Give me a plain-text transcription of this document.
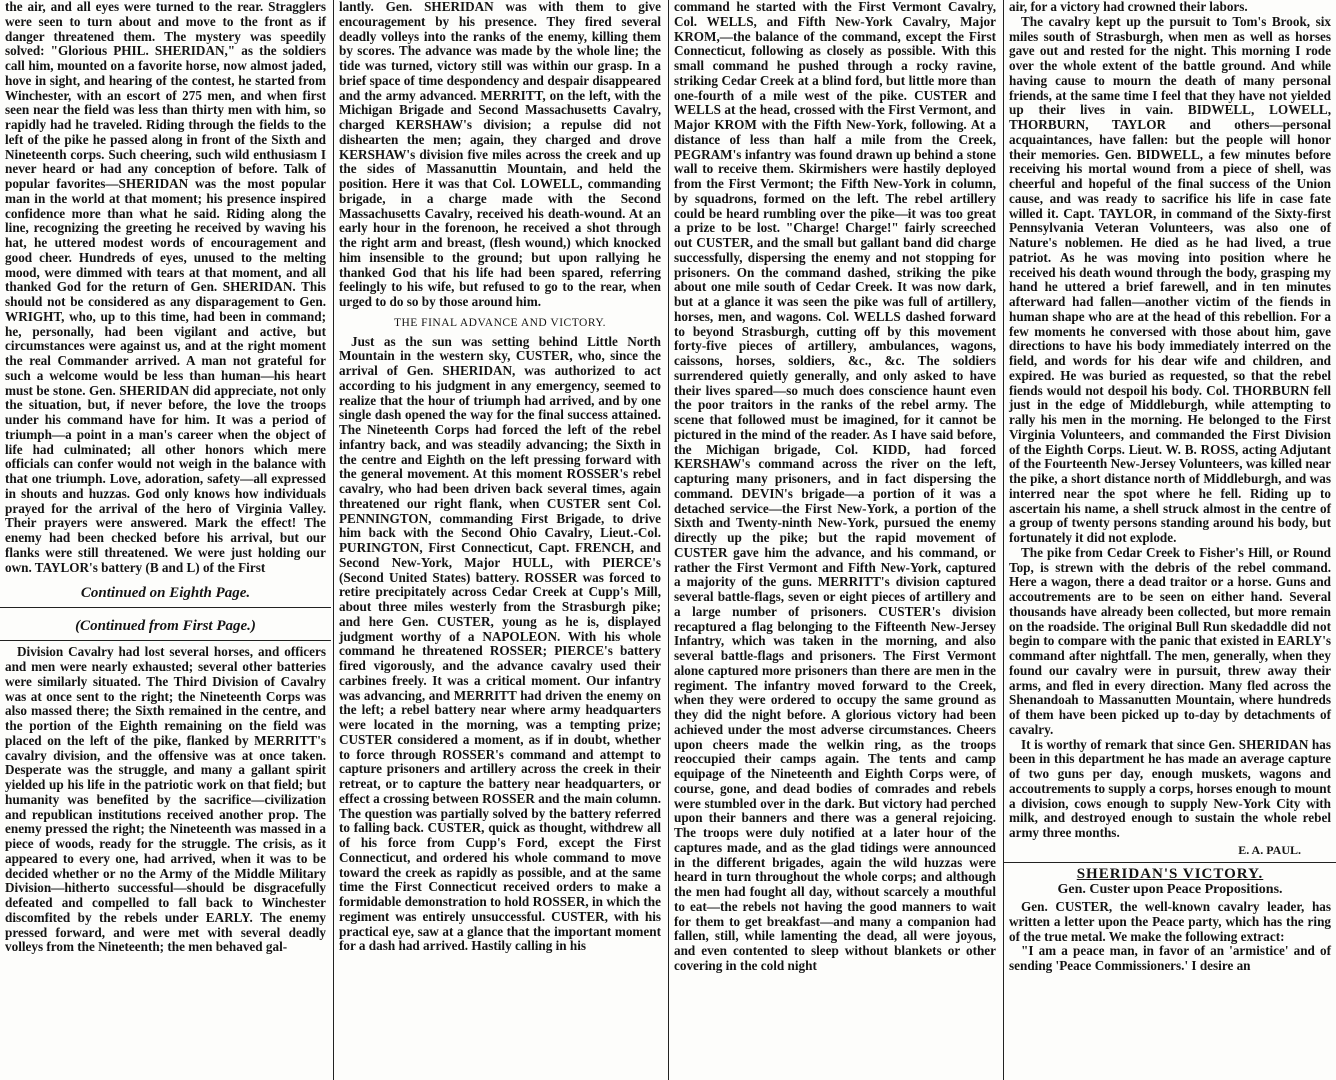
the air, and all eyes were turned to the rear. Stragglers were seen to turn about and move to the front as if danger threatened them. The mystery was speedily solved: "Glorious PHIL. SHERIDAN," as the soldiers call him, mounted on a favorite horse, now almost jaded, hove in sight, and hearing of the contest, he started from Winchester, with an escort of 275 men, and when first seen near the field was less than thirty men with him, so rapidly had he traveled. Riding through the fields to the left of the pike he passed along in front of the Sixth and Nineteenth corps. Such cheering, such wild enthusiasm I never heard or had any conception of before. Talk of popular favorites—SHERIDAN was the most popular man in the world at that moment; his presence inspired confidence more than what he said. Riding along the line, recognizing the greeting he received by waving his hat, he uttered modest words of encouragement and good cheer. Hundreds of eyes, unused to the melting mood, were dimmed with tears at that moment, and all thanked God for the return of Gen. SHERIDAN. This should not be considered as any disparagement to Gen. WRIGHT, who, up to this time, had been in command; he, personally, had been vigilant and active, but circumstances were against us, and at the right moment the real Commander arrived. A man not grateful for such a welcome would be less than human—his heart must be stone. Gen. SHERIDAN did appreciate, not only the situation, but, if never before, the love the troops under his command have for him. It was a period of triumph—a point in a man's career when the object of life had culminated; all other honors which mere officials can confer would not weigh in the balance with that one triumph. Love, adoration, safety—all expressed in shouts and huzzas. God only knows how individuals prayed for the arrival of the hero of Virginia Valley. Their prayers were answered. Mark the effect! The enemy had been checked before his arrival, but our flanks were still threatened. We were just holding our own. TAYLOR's battery (B and L) of the First

Continued on Eighth Page.
(Continued from First Page.)

Division Cavalry had lost several horses, and officers and men were nearly exhausted; several other batteries were similarly situated. The Third Division of Cavalry was at once sent to the right; the Nineteenth Corps was also massed there; the Sixth remained in the centre, and the portion of the Eighth remaining on the field was placed on the left of the pike, flanked by MERRITT's cavalry division, and the offensive was at once taken. Desperate was the struggle, and many a gallant spirit yielded up his life in the patriotic work on that field; but humanity was benefited by the sacrifice—civilization and republican institutions received another prop. The enemy pressed the right; the Nineteenth was massed in a piece of woods, ready for the struggle. The crisis, as it appeared to every one, had arrived, when it was to be decided whether or no the Army of the Middle Military Division—hitherto successful—should be disgracefully defeated and compelled to fall back to Winchester discomfited by the rebels under EARLY. The enemy pressed forward, and were met with several deadly volleys from the Nineteenth; the men behaved gal-

lantly. Gen. SHERIDAN was with them to give encouragement by his presence. They fired several deadly volleys into the ranks of the enemy, killing them by scores. The advance was made by the whole line; the tide was turned, victory still was within our grasp. In a brief space of time despondency and despair disappeared and the army advanced. MERRITT, on the left, with the Michigan Brigade and Second Massachusetts Cavalry, charged KERSHAW's division; a repulse did not dishearten the men; again, they charged and drove KERSHAW's division five miles across the creek and up the sides of Massanuttin Mountain, and held the position. Here it was that Col. LOWELL, commanding brigade, in a charge made with the Second Massachusetts Cavalry, received his death-wound. At an early hour in the forenoon, he received a shot through the right arm and breast, (flesh wound,) which knocked him insensible to the ground; but upon rallying he thanked God that his life had been spared, referring feelingly to his wife, but refused to go to the rear, when urged to do so by those around him.

THE FINAL ADVANCE AND VICTORY.

Just as the sun was setting behind Little North Mountain in the western sky, CUSTER, who, since the arrival of Gen. SHERIDAN, was authorized to act according to his judgment in any emergency, seemed to realize that the hour of triumph had arrived, and by one single dash opened the way for the final success attained. The Nineteenth Corps had forced the left of the rebel infantry back, and was steadily advancing; the Sixth in the centre and Eighth on the left pressing forward with the general movement. At this moment ROSSER's rebel cavalry, who had been driven back several times, again threatened our right flank, when CUSTER sent Col. PENNINGTON, commanding First Brigade, to drive him back with the Second Ohio Cavalry, Lieut.-Col. PURINGTON, First Connecticut, Capt. FRENCH, and Second New-York, Major HULL, with PIERCE's (Second United States) battery. ROSSER was forced to retire precipitately across Cedar Creek at Cupp's Mill, about three miles westerly from the Strasburgh pike; and here Gen. CUSTER, young as he is, displayed judgment worthy of a NAPOLEON. With his whole command he threatened ROSSER; PIERCE's battery fired vigorously, and the advance cavalry used their carbines freely. It was a critical moment. Our infantry was advancing, and MERRITT had driven the enemy on the left; a rebel battery near where army headquarters were located in the morning, was a tempting prize; CUSTER considered a moment, as if in doubt, whether to force through ROSSER's command and attempt to capture prisoners and artillery across the creek in their retreat, or to capture the battery near headquarters, or effect a crossing between ROSSER and the main column. The question was partially solved by the battery referred to falling back. CUSTER, quick as thought, withdrew all of his force from Cupp's Ford, except the First Connecticut, and ordered his whole command to move toward the creek as rapidly as possible, and at the same time the First Connecticut received orders to make a formidable demonstration to hold ROSSER, in which the regiment was entirely unsuccessful. CUSTER, with his practical eye, saw at a glance that the important moment for a dash had arrived. Hastily calling in his

command he started with the First Vermont Cavalry, Col. WELLS, and Fifth New-York Cavalry, Major KROM,—the balance of the command, except the First Connecticut, following as closely as possible. With this small command he pushed through a rocky ravine, striking Cedar Creek at a blind ford, but little more than one-fourth of a mile west of the pike. CUSTER and WELLS at the head, crossed with the First Vermont, and Major KROM with the Fifth New-York, following. At a distance of less than half a mile from the Creek, PEGRAM's infantry was found drawn up behind a stone wall to receive them. Skirmishers were hastily deployed from the First Vermont; the Fifth New-York in column, by squadrons, formed on the left. The rebel artillery could be heard rumbling over the pike—it was too great a prize to be lost. "Charge! Charge!" fairly screeched out CUSTER, and the small but gallant band did charge successfully, dispersing the enemy and not stopping for prisoners. On the command dashed, striking the pike about one mile south of Cedar Creek. It was now dark, but at a glance it was seen the pike was full of artillery, horses, men, and wagons. Col. WELLS dashed forward to beyond Strasburgh, cutting off by this movement forty-five pieces of artillery, ambulances, wagons, caissons, horses, soldiers, &c., &c. The soldiers surrendered quietly generally, and only asked to have their lives spared—so much does conscience haunt even the poor traitors in the ranks of the rebel army. The scene that followed must be imagined, for it cannot be pictured in the mind of the reader. As I have said before, the Michigan brigade, Col. KIDD, had forced KERSHAW's command across the river on the left, capturing many prisoners, and in fact dispersing the command. DEVIN's brigade—a portion of it was a detached service—the First New-York, a portion of the Sixth and Twenty-ninth New-York, pursued the enemy directly up the pike; but the rapid movement of CUSTER gave him the advance, and his command, or rather the First Vermont and Fifth New-York, captured a majority of the guns. MERRITT's division captured several battle-flags, seven or eight pieces of artillery and a large number of prisoners. CUSTER's division recaptured a flag belonging to the Fifteenth New-Jersey Infantry, which was taken in the morning, and also several battle-flags and prisoners. The First Vermont alone captured more prisoners than there are men in the regiment. The infantry moved forward to the Creek, when they were ordered to occupy the same ground as they did the night before. A glorious victory had been achieved under the most adverse circumstances. Cheers upon cheers made the welkin ring, as the troops reoccupied their camps again. The tents and camp equipage of the Nineteenth and Eighth Corps were, of course, gone, and dead bodies of comrades and rebels were stumbled over in the dark. But victory had perched upon their banners and there was a general rejoicing. The troops were duly notified at a later hour of the captures made, and as the glad tidings were announced in the different brigades, again the wild huzzas were heard in turn throughout the whole corps; and although the men had fought all day, without scarcely a mouthful to eat—the rebels not having the good manners to wait for them to get breakfast—and many a companion had fallen, still, while lamenting the dead, all were joyous, and even contented to sleep without blankets or other covering in the cold night

air, for a victory had crowned their labors.

The cavalry kept up the pursuit to Tom's Brook, six miles south of Strasburgh, when men as well as horses gave out and rested for the night. This morning I rode over the whole extent of the battle ground. And while having cause to mourn the death of many personal friends, at the same time I feel that they have not yielded up their lives in vain. BIDWELL, LOWELL, THORBURN, TAYLOR and others—personal acquaintances, have fallen: but the people will honor their memories. Gen. BIDWELL, a few minutes before receiving his mortal wound from a piece of shell, was cheerful and hopeful of the final success of the Union cause, and was ready to sacrifice his life in case fate willed it. Capt. TAYLOR, in command of the Sixty-first Pennsylvania Veteran Volunteers, was also one of Nature's noblemen. He died as he had lived, a true patriot. As he was moving into position where he received his death wound through the body, grasping my hand he uttered a brief farewell, and in ten minutes afterward had fallen—another victim of the fiends in human shape who are at the head of this rebellion. For a few moments he conversed with those about him, gave directions to have his body immediately interred on the field, and words for his dear wife and children, and expired. He was buried as requested, so that the rebel fiends would not despoil his body. Col. THORBURN fell just in the edge of Middleburgh, while attempting to rally his men in the morning. He belonged to the First Virginia Volunteers, and commanded the First Division of the Eighth Corps. Lieut. W. B. ROSS, acting Adjutant of the Fourteenth New-Jersey Volunteers, was killed near the pike, a short distance north of Middleburgh, and was interred near the spot where he fell. Riding up to ascertain his name, a shell struck almost in the centre of a group of twenty persons standing around his body, but fortunately it did not explode.

The pike from Cedar Creek to Fisher's Hill, or Round Top, is strewn with the debris of the rebel command. Here a wagon, there a dead traitor or a horse. Guns and accoutrements are to be seen on either hand. Several thousands have already been collected, but more remain on the roadside. The original Bull Run skedaddle did not begin to compare with the panic that existed in EARLY's command after nightfall. The men, generally, when they found our cavalry were in pursuit, threw away their arms, and fled in every direction. Many fled across the Shenandoah to Massanutten Mountain, where hundreds of them have been picked up to-day by detachments of cavalry.

It is worthy of remark that since Gen. SHERIDAN has been in this department he has made an average capture of two guns per day, enough muskets, wagons and accoutrements to supply a corps, horses enough to mount a division, cows enough to supply New-York City with milk, and destroyed enough to sustain the whole rebel army three months.

E. A. PAUL.
SHERIDAN'S VICTORY.
Gen. Custer upon Peace Propositions.

Gen. CUSTER, the well-known cavalry leader, has written a letter upon the Peace party, which has the ring of the true metal. We make the following extract:

"I am a peace man, in favor of an 'armistice' and of sending 'Peace Commissioners.' I desire an
